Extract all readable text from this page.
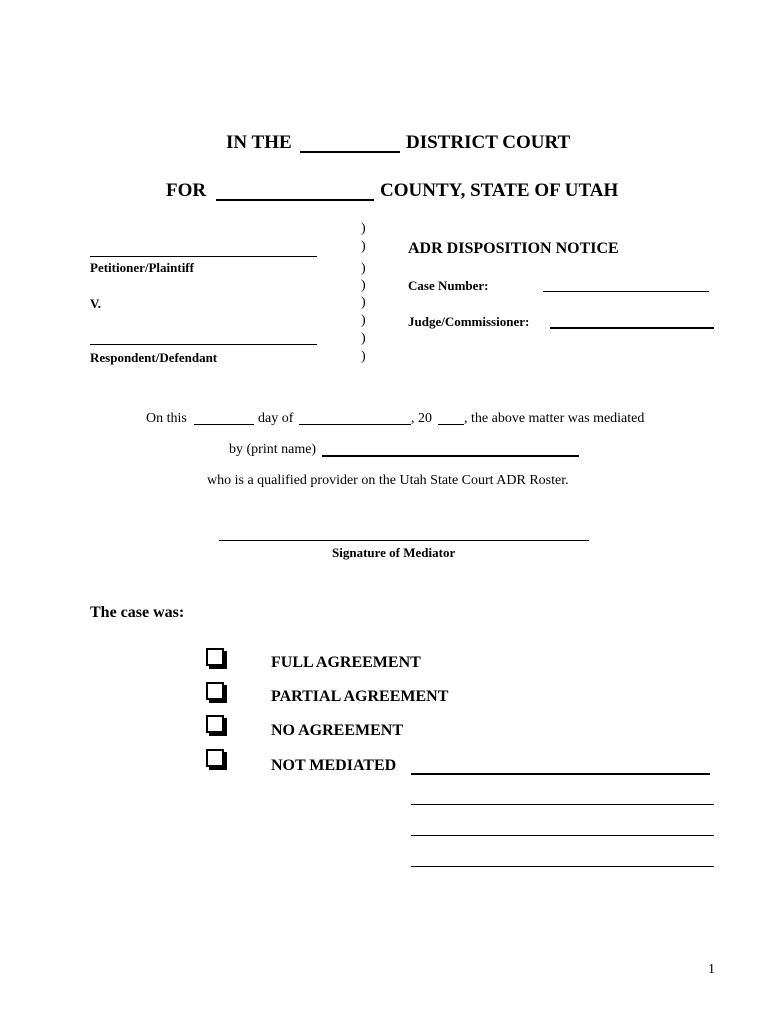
IN THE	DISTRICT COURT
FOR	COUNTY, STATE OF UTAH
Petitioner/Plaintiff
V.
Respondent/Defendant
)
)
)
)
)
)
)
)
ADR DISPOSITION NOTICE
Case Number:
Judge/Commissioner:
On this	day of	, 20 , the above matter was mediated
by (print name)
who is a qualified provider on the Utah State Court ADR Roster.
Signature of Mediator
The case was:
FULL AGREEMENT
PARTIAL AGREEMENT
NO AGREEMENT
NOT MEDIATED
1
